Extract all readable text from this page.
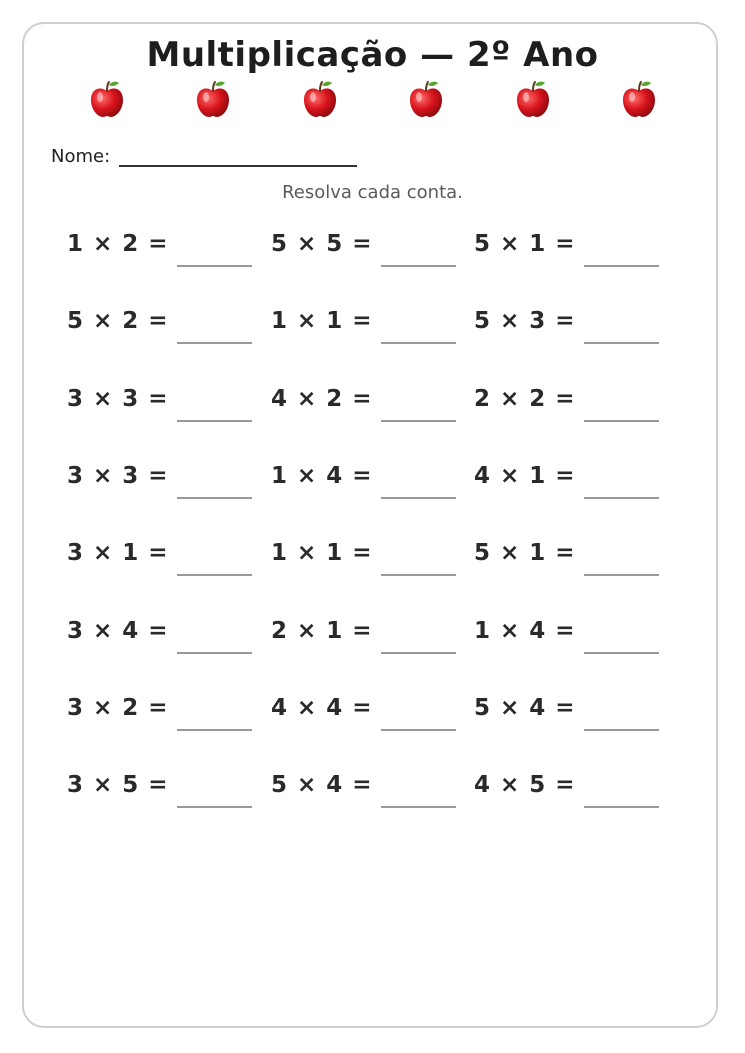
Multiplicação — 2º Ano
Nome:
Resolva cada conta.
1 × 2 =	5 × 5 =	5 × 1 =
5 × 2 =	1 × 1 =	5 × 3 =
3 × 3 =	4 × 2 =	2 × 2 =
3 × 3 =	1 × 4 =	4 × 1 =
3 × 1 =	1 × 1 =	5 × 1 =
3 × 4 =	2 × 1 =	1 × 4 =
3 × 2 =	4 × 4 =	5 × 4 =
3 × 5 =	5 × 4 =	4 × 5 =
